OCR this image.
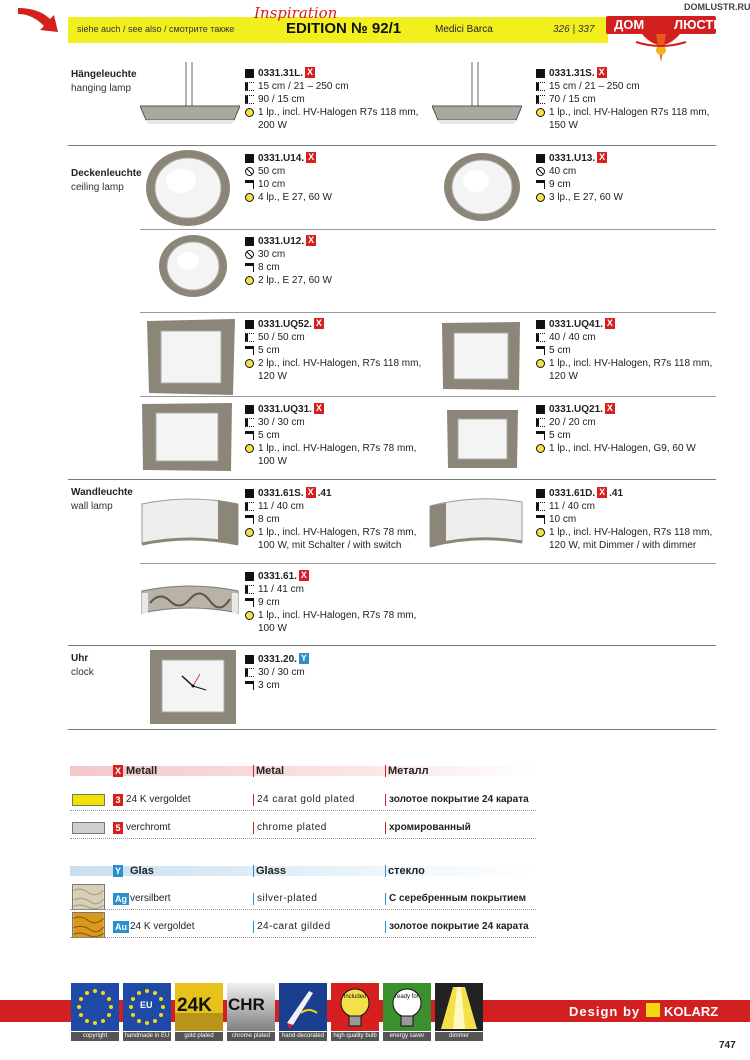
siehe auch / see also / смотрите также
Inspiration
EDITION № 92/1	Medici Barca	326 | 337
DOMLUSTR.RU
ДОМ ЛЮСТР
Hängeleuchte
hanging lamp
0331.31L. X
15 cm / 21 – 250 cm
90 / 15 cm
1 lp., incl. HV-Halogen R7s 118 mm,
200 W
0331.31S. X
15 cm / 21 – 250 cm
70 / 15 cm
1 lp., incl. HV-Halogen R7s 118 mm,
150 W
Deckenleuchte
ceiling lamp
0331.U14. X
50 cm
10 cm
4 lp., E 27, 60 W
0331.U13. X
40 cm
9 cm
3 lp., E 27, 60 W
0331.U12. X
30 cm
8 cm
2 lp., E 27, 60 W
0331.UQ52. X
50 / 50 cm
5 cm
2 lp., incl. HV-Halogen, R7s 118 mm,
120 W
0331.UQ41. X
40 / 40 cm
5 cm
1 lp., incl. HV-Halogen, R7s 118 mm,
120 W
0331.UQ31. X
30 / 30 cm
5 cm
1 lp., incl. HV-Halogen, R7s 78 mm,
100 W
0331.UQ21. X
20 / 20 cm
5 cm
1 lp., incl. HV-Halogen, G9, 60 W
Wandleuchte
wall lamp
0331.61S. X .41
11 / 40 cm
8 cm
1 lp., incl. HV-Halogen, R7s 78 mm,
100 W, mit Schalter / with switch
0331.61D. X .41
11 / 40 cm
10 cm
1 lp., incl. HV-Halogen, R7s 118 mm,
120 W, mit Dimmer / with dimmer
0331.61. X
11 / 41 cm
9 cm
1 lp., incl. HV-Halogen, R7s 78 mm,
100 W
Uhr
clock
0331.20. Y
30 / 30 cm
3 cm
X Metall	Metal	Металл
3 24 K vergoldet	24 carat gold plated	золотое покрытие 24 карата
5 verchromt	chrome plated	хромированный
Y Glas	Glass	стекло
Ag versilbert	silver-plated	С серебренным покрытием
Au 24 K vergoldet	24-carat gilded	золотое покрытие 24 карата
Design by KOLARZ
copyright
EU
handmade in EU
24K
gold plated
CHR
chrome plated	hand-decorated
included
high quality bulb
ready for
energy saver	dimmer
747
